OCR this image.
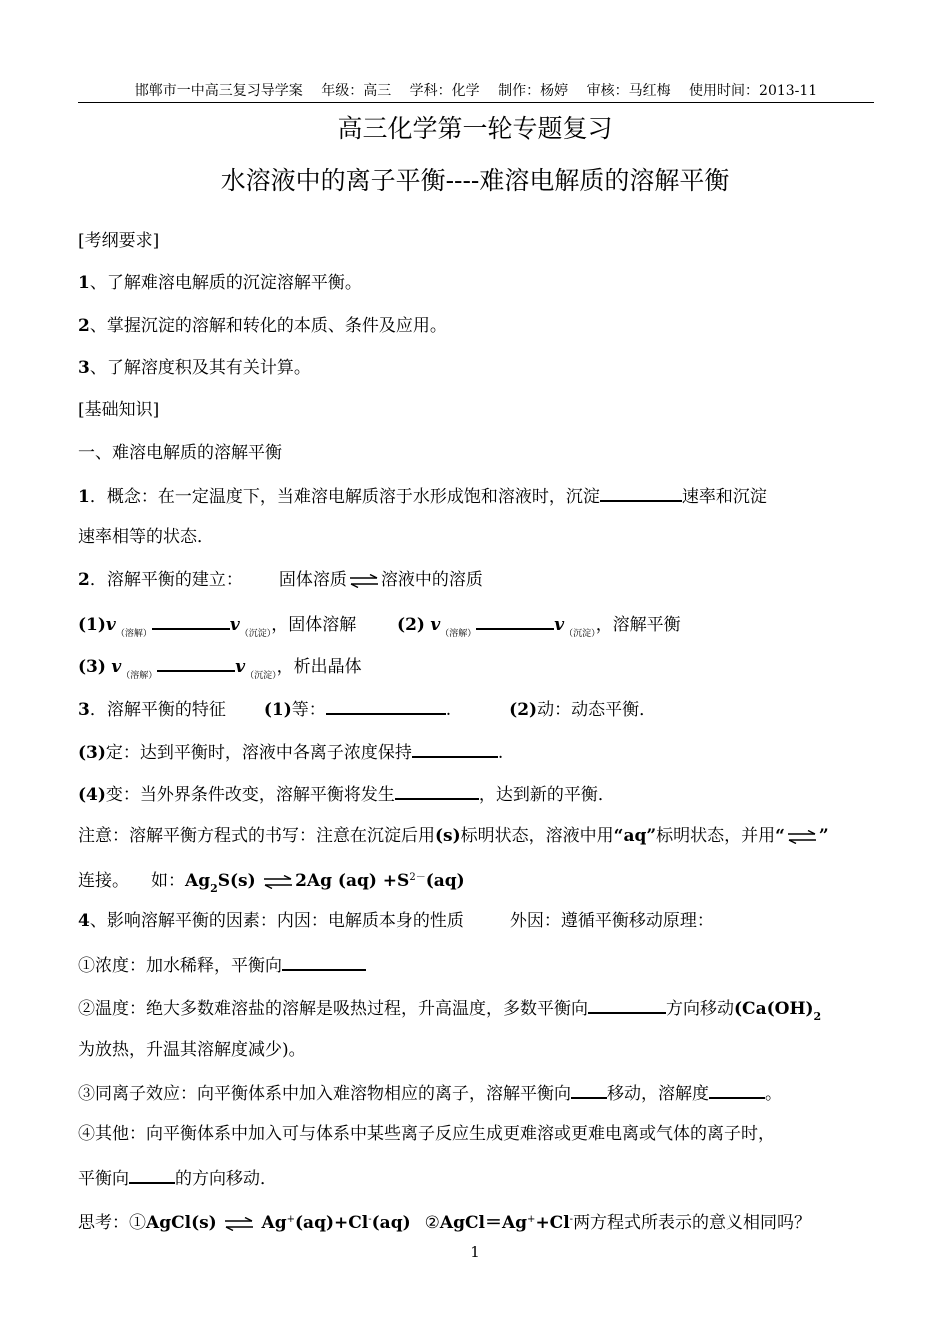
邯郸市一中高三复习导学案 年级：高三 学科：化学 制作：杨婷 审核：马红梅 使用时间：2013-11
高三化学第一轮专题复习
水溶液中的离子平衡----难溶电解质的溶解平衡
[考纲要求]
1、了解难溶电解质的沉淀溶解平衡。
2、掌握沉淀的溶解和转化的本质、条件及应用。
3、了解溶度积及其有关计算。
[基础知识]
一、难溶电解质的溶解平衡
1．概念：在一定温度下，当难溶电解质溶于水形成饱和溶液时，沉淀	速率和沉淀
速率相等的状态．
2．溶解平衡的建立： 固体溶质 ⇌ 溶液中的溶质
$(1)v_{(溶解)}$	$v_{(沉淀)}$，固体溶解 (2) $v_{(溶解)}$	$v_{(沉淀)}$，溶解平衡
(3) $v_{(溶解)}$	$v_{(沉淀)}$，析出晶体
3．溶解平衡的特征 (1)等：	.	(2)动：动态平衡．
(3)定：达到平衡时，溶液中各离子浓度保持	.
(4)变：当外界条件改变，溶解平衡将发生	，达到新的平衡．
注意：溶解平衡方程式的书写：注意在沉淀后用(s)标明状态，溶液中用“aq”标明状态，并用“ ⇌ ”
连接。 如：$Ag_2S(s)$ ⇌ 2Ag $(aq) +S^{2-}(aq)$
4、影响溶解平衡的因素：内因：电解质本身的性质	外因：遵循平衡移动原理：
①浓度：加水稀释，平衡向
②温度：绝大多数难溶盐的溶解是吸热过程，升高温度，多数平衡向	方向移动($Ca(OH)_2$
为放热，升温其溶解度减少)。
③同离子效应：向平衡体系中加入难溶物相应的离子，溶解平衡向 移动，溶解度	。
④其他：向平衡体系中加入可与体系中某些离子反应生成更难溶或更难电离或气体的离子时，
平衡向	的方向移动．
思考：①AgCl(s) ⇌ Ag+(aq)+Cl-(aq) ②AgCl＝Ag++Cl-两方程式所表示的意义相同吗？
1
